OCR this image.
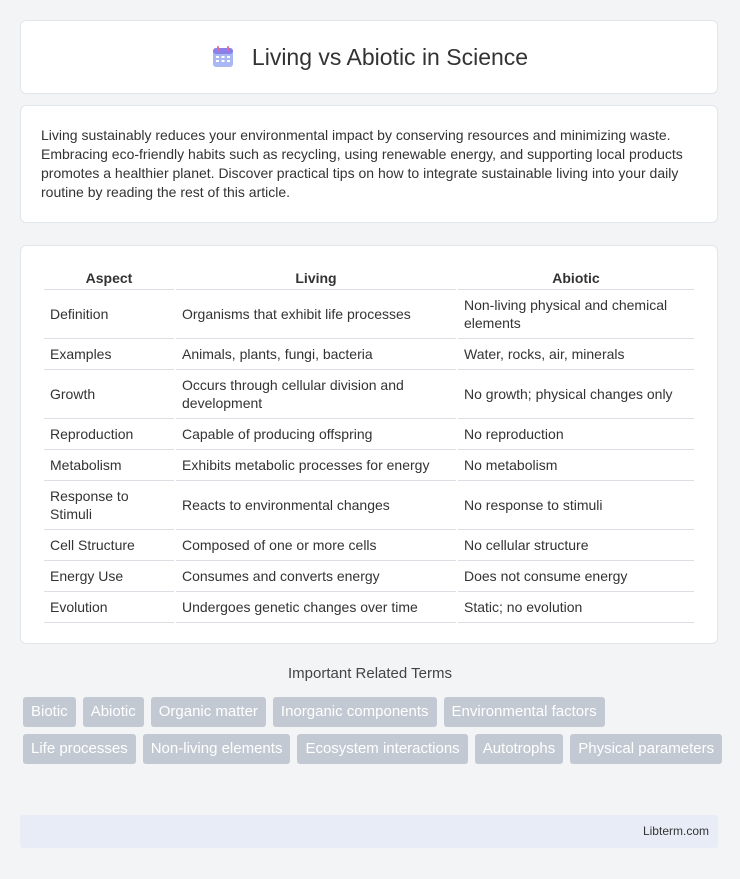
Living vs Abiotic in Science

Living sustainably reduces your environmental impact by conserving resources and minimizing waste. Embracing eco-friendly habits such as recycling, using renewable energy, and supporting local products promotes a healthier planet. Discover practical tips on how to integrate sustainable living into your daily routine by reading the rest of this article.

Aspect	Living	Abiotic
Definition	Organisms that exhibit life processes	Non-living physical and chemical elements
Examples	Animals, plants, fungi, bacteria	Water, rocks, air, minerals
Growth	Occurs through cellular division and development	No growth; physical changes only
Reproduction	Capable of producing offspring	No reproduction
Metabolism	Exhibits metabolic processes for energy	No metabolism
Response to Stimuli	Reacts to environmental changes	No response to stimuli
Cell Structure	Composed of one or more cells	No cellular structure
Energy Use	Consumes and converts energy	Does not consume energy
Evolution	Undergoes genetic changes over time	Static; no evolution
Important Related Terms
Biotic	Abiotic	Organic matter	Inorganic components	Environmental factors
Life processes	Non-living elements	Ecosystem interactions	Autotrophs	Physical parameters
Libterm.com
